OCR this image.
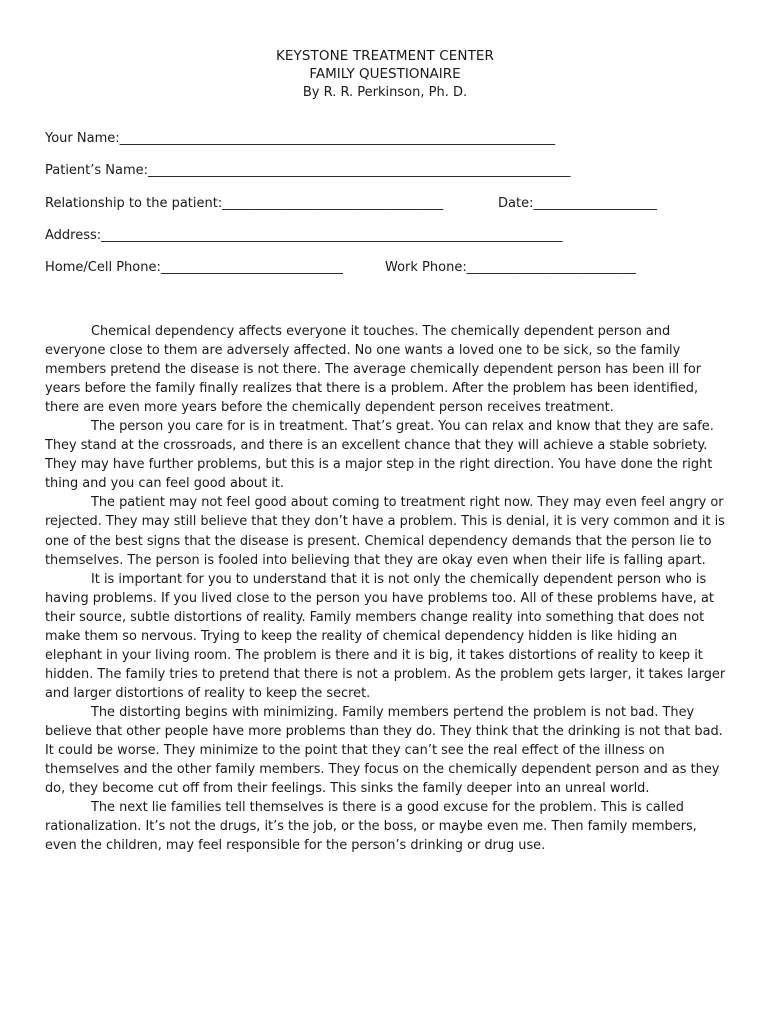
KEYSTONE TREATMENT CENTER
FAMILY QUESTIONAIRE
By R. R. Perkinson, Ph. D.
Your Name:___________________________________________________________________
Patient’s Name:_________________________________________________________________
Relationship to the patient:__________________________________	Date:___________________
Address:_______________________________________________________________________
Home/Cell Phone:____________________________	Work Phone:__________________________

Chemical dependency affects everyone it touches. The chemically dependent person and everyone close to them are adversely affected. No one wants a loved one to be sick, so the family members pretend the disease is not there. The average chemically dependent person has been ill for years before the family finally realizes that there is a problem. After the problem has been identified, there are even more years before the chemically dependent person receives treatment.

The person you care for is in treatment. That’s great. You can relax and know that they are safe. They stand at the crossroads, and there is an excellent chance that they will achieve a stable sobriety. They may have further problems, but this is a major step in the right direction. You have done the right thing and you can feel good about it.

The patient may not feel good about coming to treatment right now. They may even feel angry or rejected. They may still believe that they don’t have a problem. This is denial, it is very common and it is one of the best signs that the disease is present. Chemical dependency demands that the person lie to themselves. The person is fooled into believing that they are okay even when their life is falling apart.

It is important for you to understand that it is not only the chemically dependent person who is having problems. If you lived close to the person you have problems too. All of these problems have, at their source, subtle distortions of reality. Family members change reality into something that does not make them so nervous. Trying to keep the reality of chemical dependency hidden is like hiding an elephant in your living room. The problem is there and it is big, it takes distortions of reality to keep it hidden. The family tries to pretend that there is not a problem. As the problem gets larger, it takes larger and larger distortions of reality to keep the secret.

The distorting begins with minimizing. Family members pertend the problem is not bad. They believe that other people have more problems than they do. They think that the drinking is not that bad. It could be worse. They minimize to the point that they can’t see the real effect of the illness on themselves and the other family members. They focus on the chemically dependent person and as they do, they become cut off from their feelings. This sinks the family deeper into an unreal world.

The next lie families tell themselves is there is a good excuse for the problem. This is called rationalization. It’s not the drugs, it’s the job, or the boss, or maybe even me. Then family members, even the children, may feel responsible for the person’s drinking or drug use.
